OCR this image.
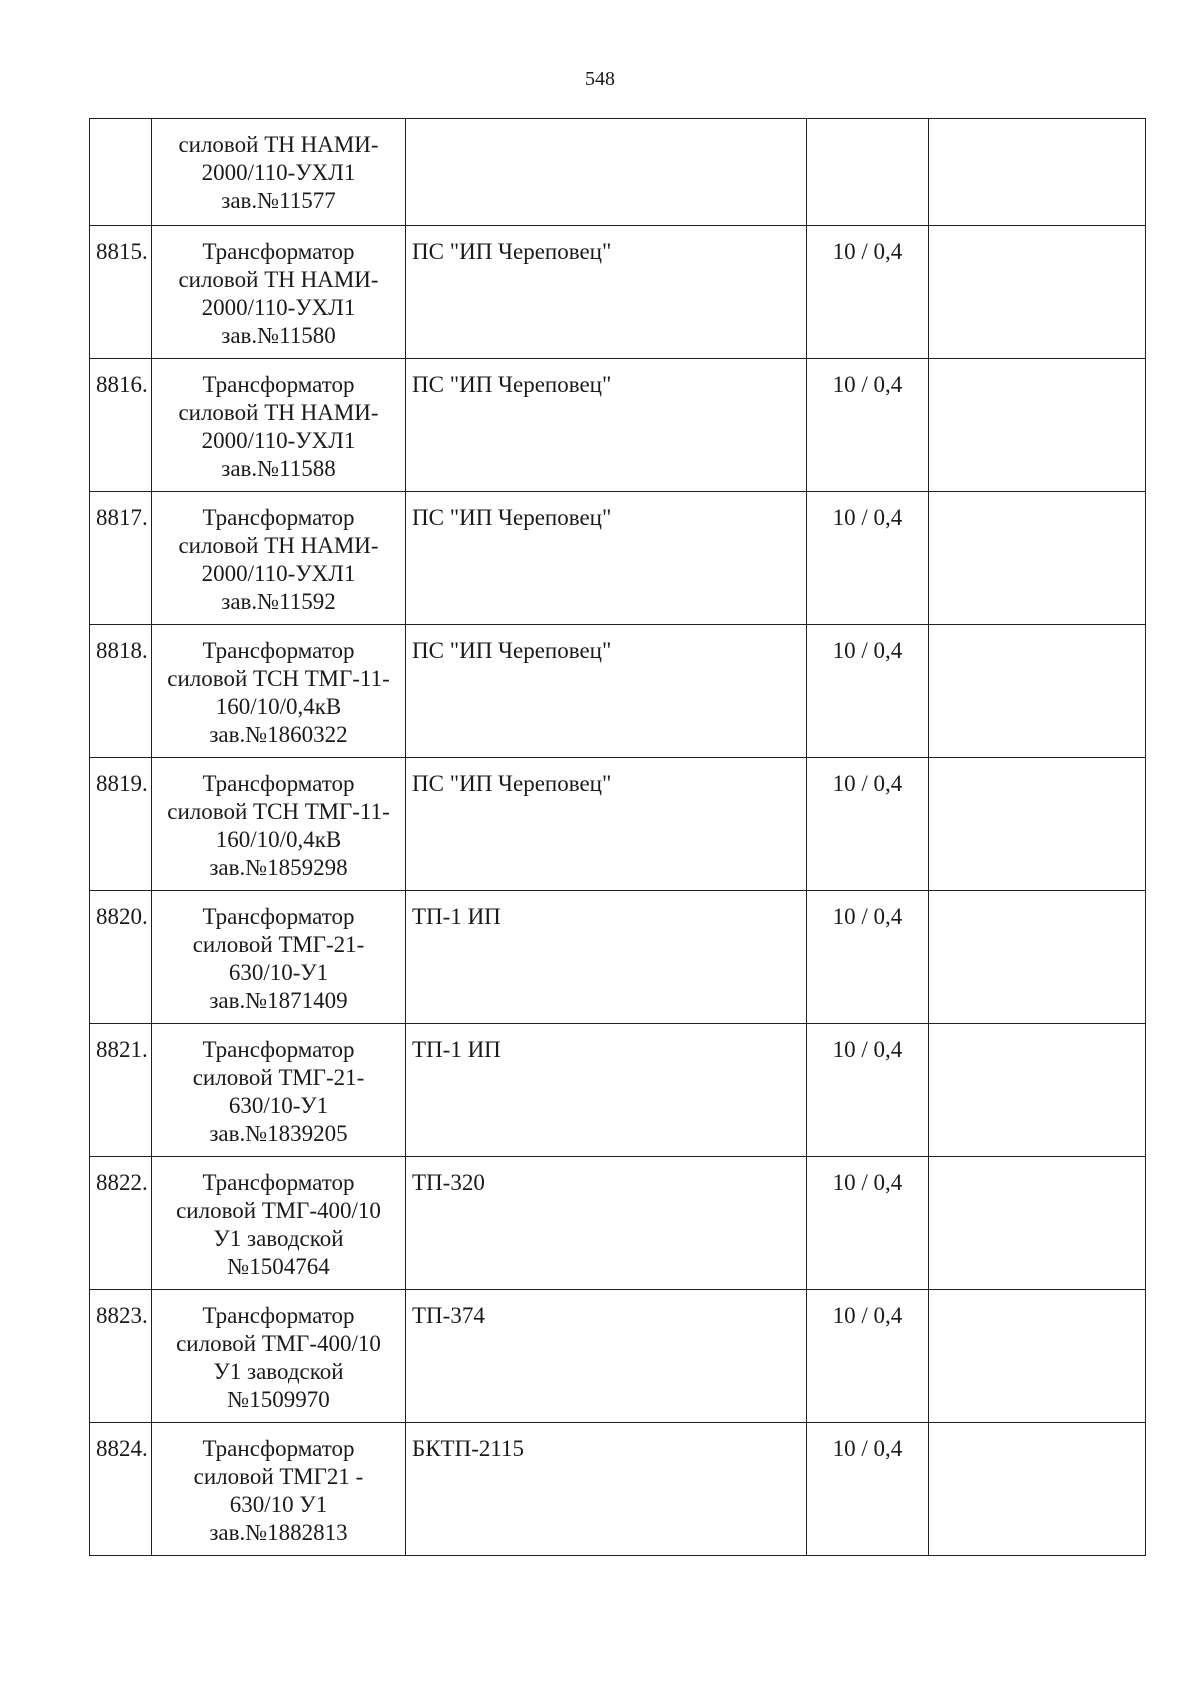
548

	силовой ТН НАМИ-
2000/110-УХЛ1
зав.№11577			

8815.	Трансформатор
силовой ТН НАМИ-
2000/110-УХЛ1
зав.№11580	ПС "ИП Череповец"	10 / 0,4	
8816.	Трансформатор
силовой ТН НАМИ-
2000/110-УХЛ1
зав.№11588	ПС "ИП Череповец"	10 / 0,4	
8817.	Трансформатор
силовой ТН НАМИ-
2000/110-УХЛ1
зав.№11592	ПС "ИП Череповец"	10 / 0,4	
8818.	Трансформатор
силовой ТСН ТМГ-11-
160/10/0,4кВ
зав.№1860322	ПС "ИП Череповец"	10 / 0,4	
8819.	Трансформатор
силовой ТСН ТМГ-11-
160/10/0,4кВ
зав.№1859298	ПС "ИП Череповец"	10 / 0,4	
8820.	Трансформатор
силовой ТМГ-21-
630/10-У1
зав.№1871409	ТП-1 ИП	10 / 0,4	
8821.	Трансформатор
силовой ТМГ-21-
630/10-У1
зав.№1839205	ТП-1 ИП	10 / 0,4	
8822.	Трансформатор
силовой ТМГ-400/10
У1 заводской
№1504764	ТП-320	10 / 0,4	
8823.	Трансформатор
силовой ТМГ-400/10
У1 заводской
№1509970	ТП-374	10 / 0,4	
8824.	Трансформатор
силовой ТМГ21 -
630/10 У1
зав.№1882813	БКТП-2115	10 / 0,4	
